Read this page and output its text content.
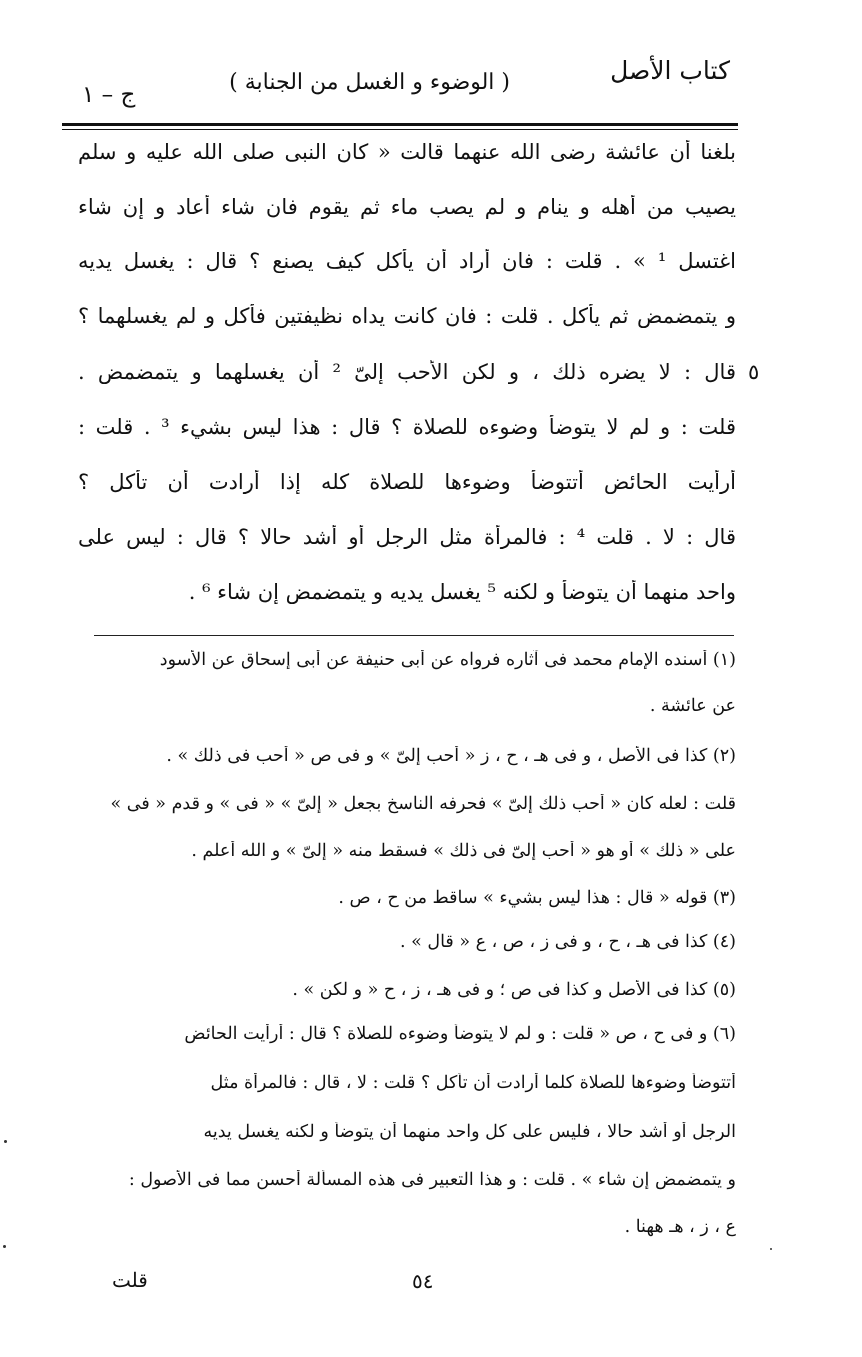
كتاب الأصل
( الوضوء و الغسل من الجنابة )
ج – ١
بلغنا أن عائشة رضى الله عنهما قالت « كان النبى صلى الله عليه و سلم
يصيب من أهله و ينام و لم يصب ماء ثم يقوم فان شاء أعاد و إن شاء
اغتسل ¹ » . قلت : فان أراد أن يأكل كيف يصنع ؟ قال : يغسل يديه
و يتمضمض ثم يأكل . قلت : فان كانت يداه نظيفتين فأكل و لم يغسلهما ؟
٥
قال : لا يضره ذلك ، و لكن الأحب إلىّ ² أن يغسلهما و يتمضمض .
قلت : و لم لا يتوضأ وضوءه للصلاة ؟ قال : هذا ليس بشيء ³ . قلت :
أرأيت الحائض أتتوضأ وضوءها للصلاة كله إذا أرادت أن تأكل ؟
قال : لا . قلت ⁴ : فالمرأة مثل الرجل أو أشد حالا ؟ قال : ليس على
واحد منهما أن يتوضأ و لكنه ⁵ يغسل يديه و يتمضمض إن شاء ⁶ .
(١) أسنده الإمام محمد فى آثاره فرواه عن أبى حنيفة عن أبى إسحاق عن الأسود
عن عائشة .
(٢) كذا فى الأصل ، و فى هـ ، ح ، ز « أحب إلىّ » و فى ص « أحب فى ذلك » .
قلت : لعله كان « أحب ذلك إلىّ » فحرفه الناسخ بجعل « إلىّ » « فى » و قدم « فى »
على « ذلك » أو هو « أحب إلىّ فى ذلك » فسقط منه « إلىّ » و الله أعلم .
(٣) قوله « قال : هذا ليس بشيء » ساقط من ح ، ص .
(٤) كذا فى هـ ، ح ، و فى ز ، ص ، ع « قال » .
(٥) كذا فى الأصل و كذا فى ص ؛ و فى هـ ، ز ، ح « و لكن » .
(٦) و فى ح ، ص « قلت : و لم لا يتوضأ وضوءه للصلاة ؟ قال : أرأيت الحائض
أتتوضأ وضوءها للصلاة كلما أرادت أن تأكل ؟ قلت : لا ، قال : فالمرأة مثل
الرجل أو أشد حالا ، فليس على كل واحد منهما أن يتوضأ و لكنه يغسل يديه
و يتمضمض إن شاء » . قلت : و هذا التعبير فى هذه المسألة أحسن مما فى الأصول :
ع ، ز ، هـ ههنا .
٥٤
قلت
